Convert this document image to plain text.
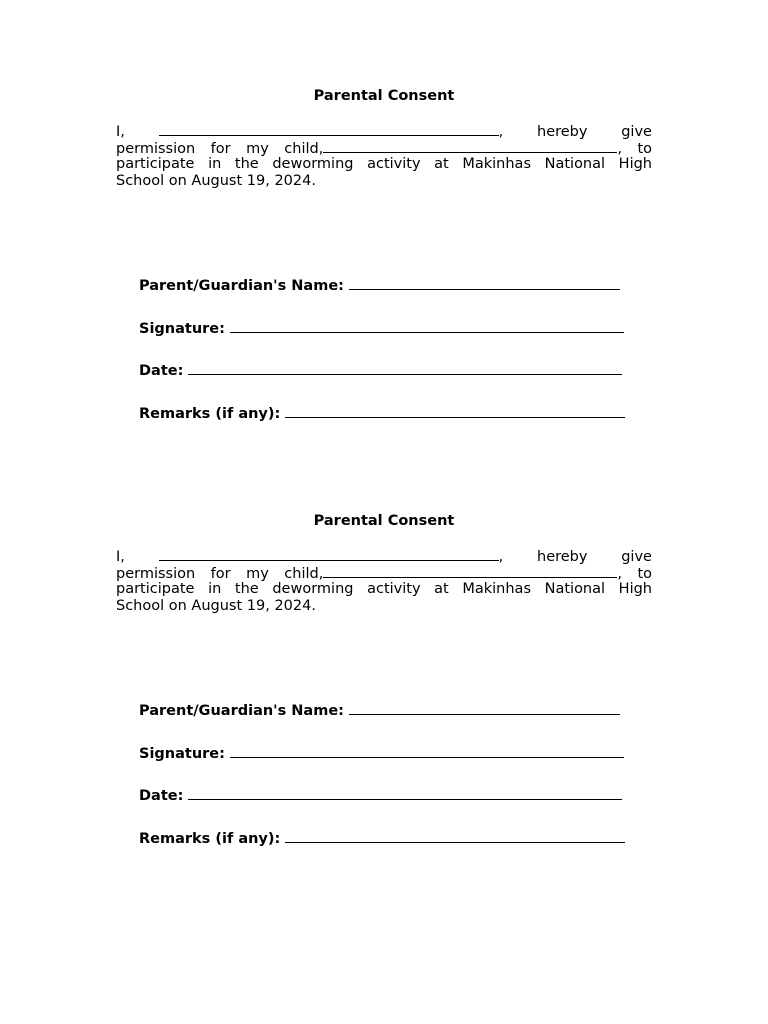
Parental Consent
I,	, hereby give
permission for my child,	, to
participate in the deworming activity at Makinhas National High
School on August 19, 2024.
Parent/Guardian's Name:
Signature:
Date:
Remarks (if any):
Parental Consent
I,	, hereby give
permission for my child,	, to
participate in the deworming activity at Makinhas National High
School on August 19, 2024.
Parent/Guardian's Name:
Signature:
Date:
Remarks (if any):
